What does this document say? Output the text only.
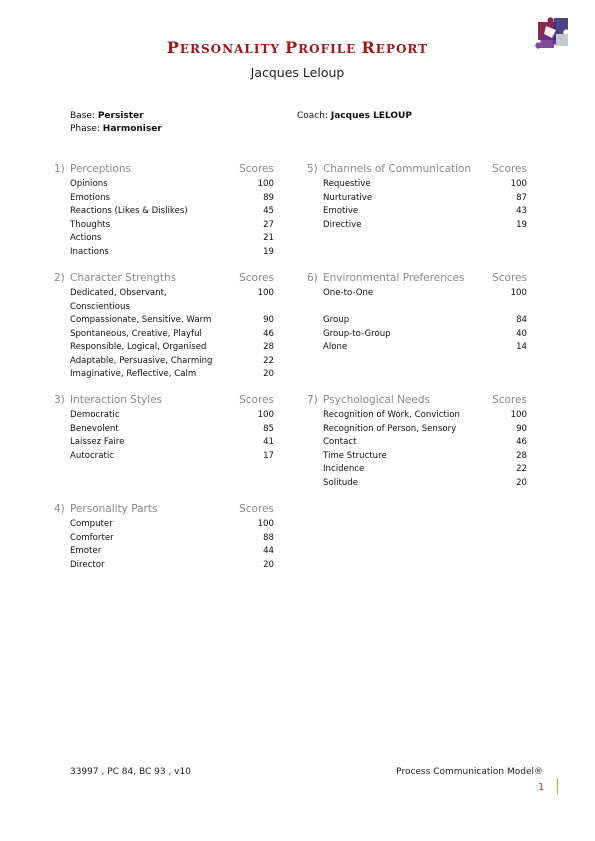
PERSONALITY PROFILE REPORT
Jacques Leloup
Base: Persister
Phase: Harmoniser
Coach: Jacques LELOUP
1) Perceptions	Scores
Opinions	100
Emotions	89
Reactions (Likes & Dislikes)	45
Thoughts	27
Actions	21
Inactions	19
2) Character Strengths	Scores
Dedicated, Observant,	100
Conscientious
Compassionate, Sensitive, Warm	90
Spontaneous, Creative, Playful	46
Responsible, Logical, Organised	28
Adaptable, Persuasive, Charming	22
Imaginative, Reflective, Calm	20
3) Interaction Styles	Scores
Democratic	100
Benevolent	85
Laissez Faire	41
Autocratic	17
4) Personality Parts	Scores
Computer	100
Comforter	88
Emoter	44
Director	20
5) Channels of Communication Scores
Requestive	100
Nurturative	87
Emotive	43
Directive	19
6) Environmental Preferences	Scores
One-to-One	100

Group	84
Group-to-Group	40
Alone	14
7) Psychological Needs	Scores
Recognition of Work, Conviction	100
Recognition of Person, Sensory	90
Contact	46
Time Structure	28
Incidence	22
Solitude	20
33997 , PC 84, BC 93 , v10	Process Communication Model®
1
